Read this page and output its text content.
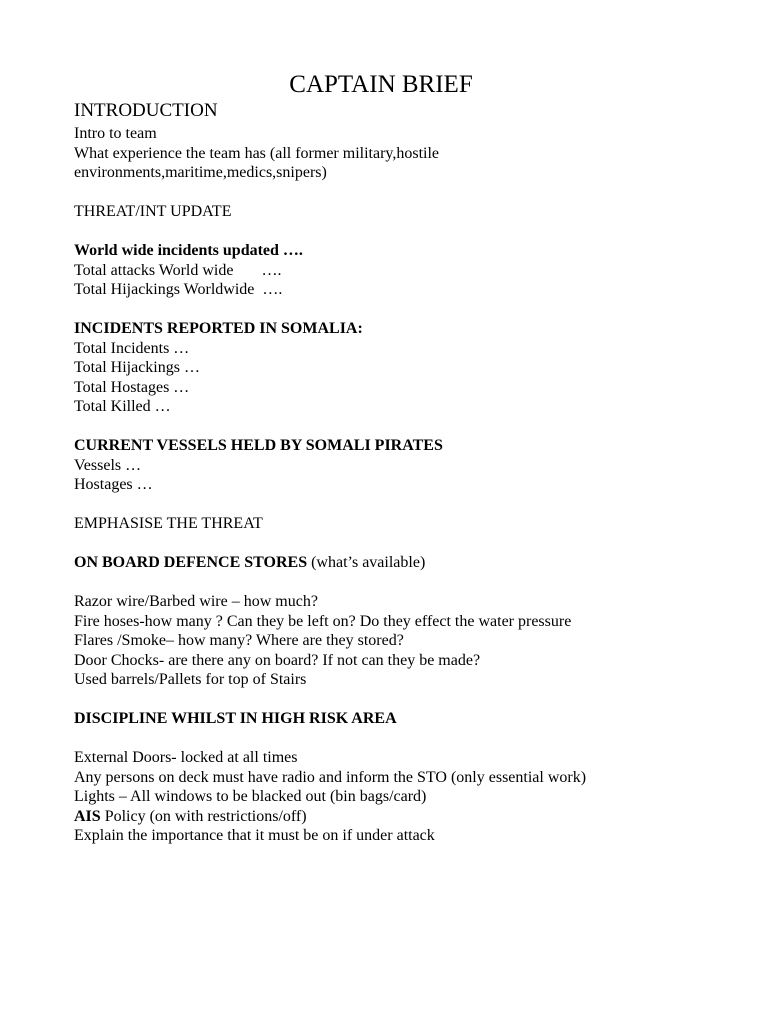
CAPTAIN BRIEF
INTRODUCTION
Intro to team
What experience the team has (all former military,hostile
environments,maritime,medics,snipers)
THREAT/INT UPDATE
World wide incidents updated ….
Total attacks World wide       ….
Total Hijackings Worldwide  ….
INCIDENTS REPORTED IN SOMALIA:
Total Incidents …
Total Hijackings …
Total Hostages …
Total Killed …
CURRENT VESSELS HELD BY SOMALI PIRATES
Vessels …
Hostages …
EMPHASISE THE THREAT
ON BOARD DEFENCE STORES (what’s available)
Razor wire/Barbed wire – how much?
Fire hoses-how many ? Can they be left on? Do they effect the water pressure
Flares /Smoke– how many? Where are they stored?
Door Chocks- are there any on board? If not can they be made?
Used barrels/Pallets for top of Stairs
DISCIPLINE WHILST IN HIGH RISK AREA
External Doors- locked at all times
Any persons on deck must have radio and inform the STO (only essential work)
Lights – All windows to be blacked out (bin bags/card)
AIS Policy (on with restrictions/off)
Explain the importance that it must be on if under attack
